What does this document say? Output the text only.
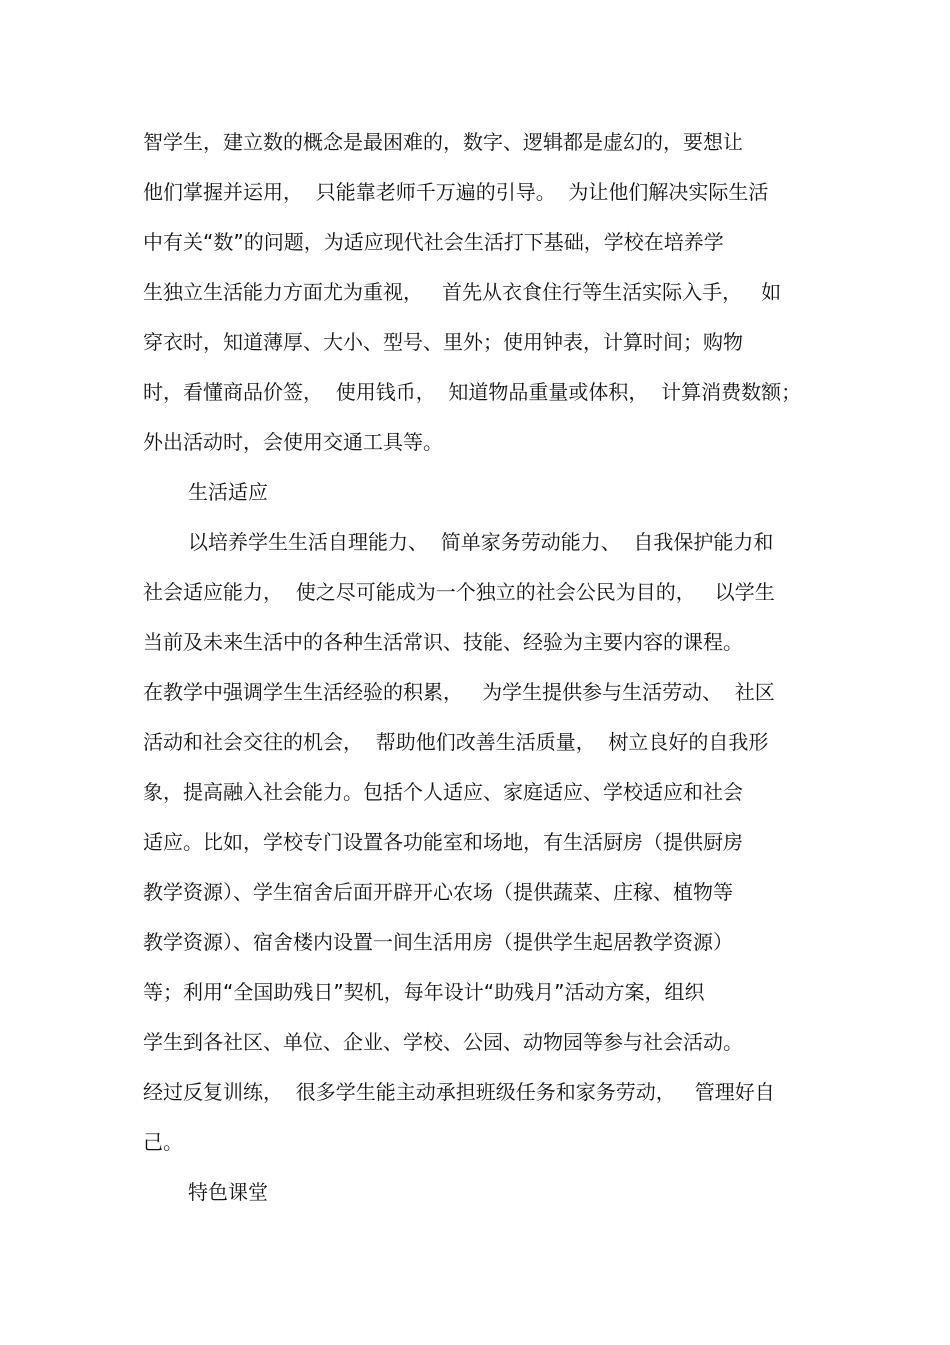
智学生，建立数的概念是最困难的，数字、逻辑都是虚幻的，要想让
他们掌握并运用，  只能靠老师千万遍的引导。  为让他们解决实际生活
中有关“数”的问题，为适应现代社会生活打下基础，学校在培养学
生独立生活能力方面尤为重视，   首先从衣食住行等生活实际入手，   如
穿衣时，知道薄厚、大小、型号、里外；使用钟表，计算时间；购物
时，看懂商品价签，  使用钱币，  知道物品重量或体积，  计算消费数额；
外出活动时，会使用交通工具等。
生活适应
以培养学生生活自理能力、  简单家务劳动能力、  自我保护能力和
社会适应能力，  使之尽可能成为一个独立的社会公民为目的，   以学生
当前及未来生活中的各种生活常识、技能、经验为主要内容的课程。
在教学中强调学生生活经验的积累，   为学生提供参与生活劳动、  社区
活动和社会交往的机会，  帮助他们改善生活质量，  树立良好的自我形
象，提高融入社会能力。包括个人适应、家庭适应、学校适应和社会
适应。比如，学校专门设置各功能室和场地，有生活厨房（提供厨房
教学资源）、学生宿舍后面开辟开心农场（提供蔬菜、庄稼、植物等
教学资源）、宿舍楼内设置一间生活用房（提供学生起居教学资源）
等；利用“全国助残日”契机，每年设计“助残月”活动方案，组织
学生到各社区、单位、企业、学校、公园、动物园等参与社会活动。
经过反复训练，  很多学生能主动承担班级任务和家务劳动，   管理好自
己。
特色课堂
